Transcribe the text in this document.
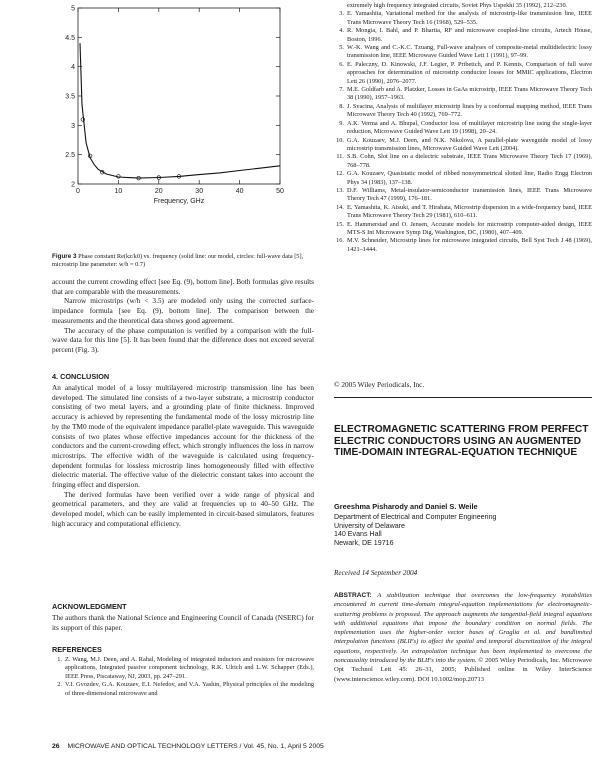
5
4.5
4
3.5
3
2.5
2
0	10	20	30	40	50
Frequency, GHz

Figure 3 Phase constant Re(kz/k0) vs. frequency (solid line: our model, circles: full-wave data [5], microstrip line parameter: w/h = 0.7)

account the current crowding effect [see Eq. (9), bottom line]. Both formulas give results that are comparable with the measurements.

Narrow microstrips (w/h < 3.5) are modeled only using the corrected surface-impedance formula [see Eq. (9), bottom line]. The comparison between the measurements and the theoretical data shows good agreement.

The accuracy of the phase computation is verified by a comparison with the full-wave data for this line [5]. It has been found that the difference does not exceed several percent (Fig. 3).

4. CONCLUSION

An analytical model of a lossy multilayered microstrip transmission line has been developed. The simulated line consists of a two-layer substrate, a microstrip conductor consisting of two metal layers, and a grounding plate of finite thickness. Improved accuracy is achieved by representing the fundamental mode of the lossy microstrip line by the TM0 mode of the equivalent impedance parallel-plate waveguide. This waveguide consists of two plates whose effective impedances account for the thickness of the conductors and the current-crowding effect, which strongly influences the loss in narrow microstrips. The effective width of the waveguide is calculated using frequency-dependent formulas for lossless microstrip lines homogeneously filled with effective dielectric material. The effective value of the dielectric constant takes into account the fringing effect and dispersion.

The derived formulas have been verified over a wide range of physical and geometrical parameters, and they are valid at frequencies up to 40–50 GHz. The developed model, which can be easily implemented in circuit-based simulators, features high accuracy and computational efficiency.

ACKNOWLEDGMENT

The authors thank the National Science and Engineering Council of Canada (NSERC) for its support of this paper.

REFERENCES

1. Z. Wang, M.J. Deen, and A. Rahal, Modeling of integrated inductors and resistors for microwave applications, Integrated passive component technology, R.K. Ulrich and L.W. Schapper (Eds.), IEEE Press, Piscataway, NJ, 2003, pp. 247–291.
2. V.I. Gvozdev, G.A. Kouzaev, E.I. Nefedov, and V.A. Yashin, Physical principles of the modeling of three-dimensional microwave and
extremely high frequency integrated circuits, Soviet Phys Uspekhi 35 (1992), 212–230.
3. E. Yamashita, Variational method for the analysis of microstrip-like transmission line, IEEE Trans Microwave Theory Tech 16 (1968), 529–535.
4. R. Mongia, I. Bahl, and P. Bhartia, RF and microwave coupled-line circuits, Artech House, Boston, 1996.
5. W.-K. Wang and C.-K.C. Tzuang, Full-wave analyses of composite-metal multidielectric lossy transmission line, IEEE Microwave Guided Wave Lett 1 (1991), 97–99.
6. E. Paleczny, D. Kinowski, J.F. Legier, P. Pribetich, and P. Kennis, Comparison of full wave approaches for determination of microstrip conductor losses for MMIC applications, Electron Lett 26 (1990), 2076–2077.
7. M.E. Goldfarb and A. Platzker, Losses in GaAs microstrip, IEEE Trans Microwave Theory Tech 38 (1990), 1957–1963.
8. J. Svacina, Analysis of multilayer microstrip lines by a conformal mapping method, IEEE Trans Microwave Theory Tech 40 (1992), 769–772.
9. A.K. Verma and A. Bhupal, Conductor loss of multilayer microstrip line using the single-layer reduction, Microwave Guided Wave Lett 19 (1998), 20–24.
10. G.A. Kouzaev, M.J. Deen, and N.K. Nikolova, A parallel-plate waveguide model of lossy microstrip transmission lines, Microwave Guided Wave Lett (2004).
11. S.B. Cohn, Slot line on a dielectric substrate, IEEE Trans Microwave Theory Tech 17 (1969), 768–778.
12. G.A. Kouzaev, Quasistatic model of ribbed nonsymmetrical slotted line, Radio Engg Electron Phys 34 (1983), 137–138.
13. D.F. Williams, Metal-insulator-semiconductor transmission lines, IEEE Trans Microwave Theory Tech 47 (1999), 176–181.
14. E. Yamashita, K. Atsuki, and T. Hirahata, Microstrip dispersion in a wide-frequency band, IEEE Trans Microwave Theory Tech 29 (1981), 610–611.
15. E. Hammerstad and O. Jensen, Accurate models for microstrip computer-aided design, IEEE MTS-S Int Microwave Symp Dig, Washington, DC, (1980), 407–409.
16. M.V. Schneider, Microstrip lines for microwave integrated circuits, Bell Syst Tech J 48 (1969), 1421–1444.

© 2005 Wiley Periodicals, Inc.

ELECTROMAGNETIC SCATTERING FROM PERFECT ELECTRIC CONDUCTORS USING AN AUGMENTED TIME-DOMAIN INTEGRAL-EQUATION TECHNIQUE

Greeshma Pisharody and Daniel S. Weile

Department of Electrical and Computer Engineering
University of Delaware
140 Evans Hall
Newark, DE 19716

Received 14 September 2004

ABSTRACT: A stabilization technique that overcomes the low-frequency instabilities encountered in current time-domain integral-equation implementations for electromagnetic-scattering problems is proposed. The approach augments the tangential-field integral equations with additional equations that impose the boundary condition on normal fields. The implementation uses the higher-order vector bases of Graglia et al. and bandlimited interpolation functions (BLIFs) to affect the spatial and temporal discretization of the integral equations, respectively. An extrapolation technique has been implemented to overcome the noncausality introduced by the BLIFs into the system. © 2005 Wiley Periodicals, Inc. Microwave Opt Technol Lett 45: 26–31, 2005; Published online in Wiley InterScience (www.interscience.wiley.com). DOI 10.1002/mop.20713

26 MICROWAVE AND OPTICAL TECHNOLOGY LETTERS / Vol. 45, No. 1, April 5 2005
